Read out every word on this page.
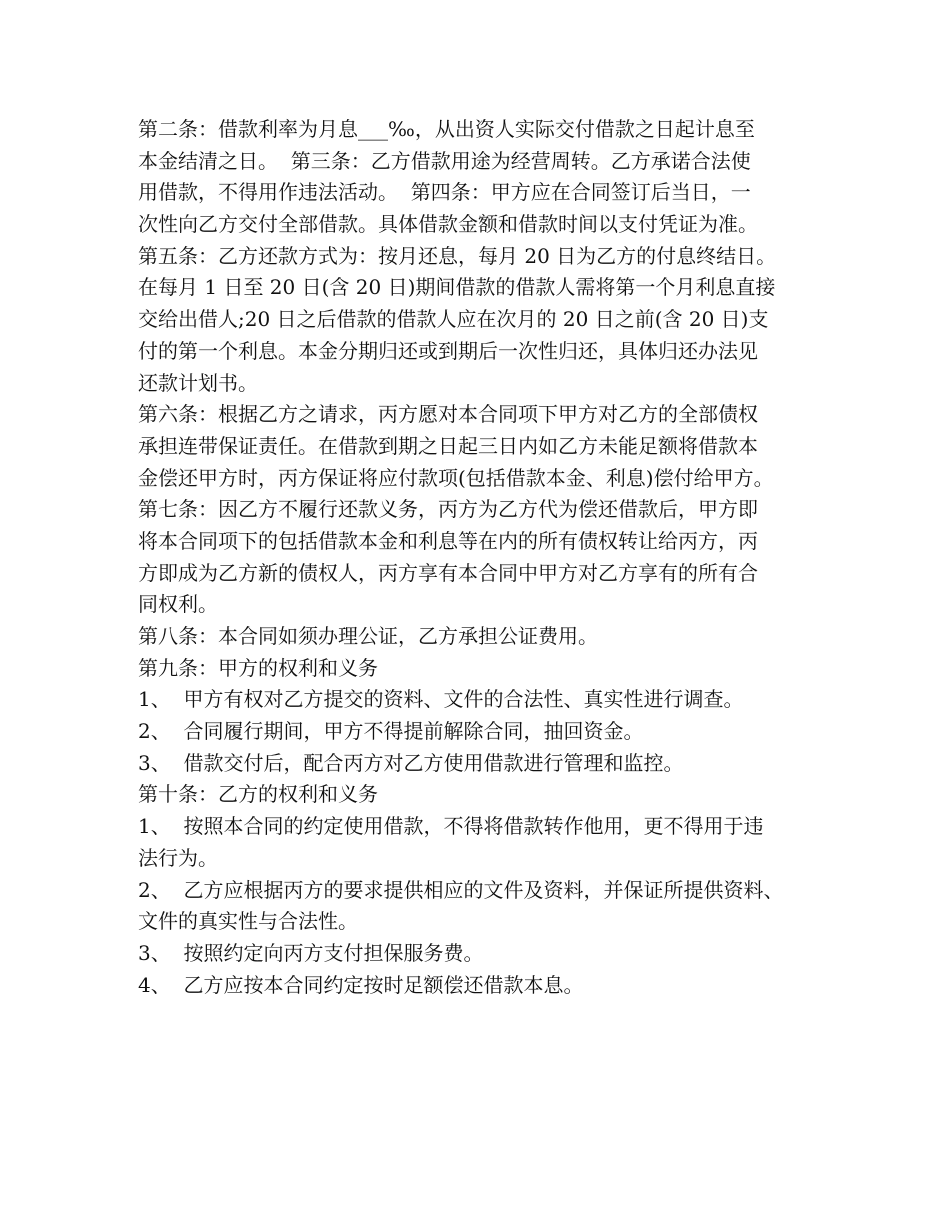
第二条：借款利率为月息___‰，从出资人实际交付借款之日起计息至
本金结清之日。  第三条：乙方借款用途为经营周转。乙方承诺合法使
用借款，不得用作违法活动。  第四条：甲方应在合同签订后当日，一
次性向乙方交付全部借款。具体借款金额和借款时间以支付凭证为准。
第五条：乙方还款方式为：按月还息，每月 20 日为乙方的付息终结日。
在每月 1 日至 20 日(含 20 日)期间借款的借款人需将第一个月利息直接
交给出借人;20 日之后借款的借款人应在次月的 20 日之前(含 20 日)支
付的第一个利息。本金分期归还或到期后一次性归还，具体归还办法见
还款计划书。
第六条：根据乙方之请求，丙方愿对本合同项下甲方对乙方的全部债权
承担连带保证责任。在借款到期之日起三日内如乙方未能足额将借款本
金偿还甲方时，丙方保证将应付款项(包括借款本金、利息)偿付给甲方。
第七条：因乙方不履行还款义务，丙方为乙方代为偿还借款后，甲方即
将本合同项下的包括借款本金和利息等在内的所有债权转让给丙方，丙
方即成为乙方新的债权人，丙方享有本合同中甲方对乙方享有的所有合
同权利。
第八条：本合同如须办理公证，乙方承担公证费用。
第九条：甲方的权利和义务
1、  甲方有权对乙方提交的资料、文件的合法性、真实性进行调查。
2、  合同履行期间，甲方不得提前解除合同，抽回资金。
3、  借款交付后，配合丙方对乙方使用借款进行管理和监控。
第十条：乙方的权利和义务
1、  按照本合同的约定使用借款，不得将借款转作他用，更不得用于违
法行为。
2、  乙方应根据丙方的要求提供相应的文件及资料，并保证所提供资料、
文件的真实性与合法性。
3、  按照约定向丙方支付担保服务费。
4、  乙方应按本合同约定按时足额偿还借款本息。
